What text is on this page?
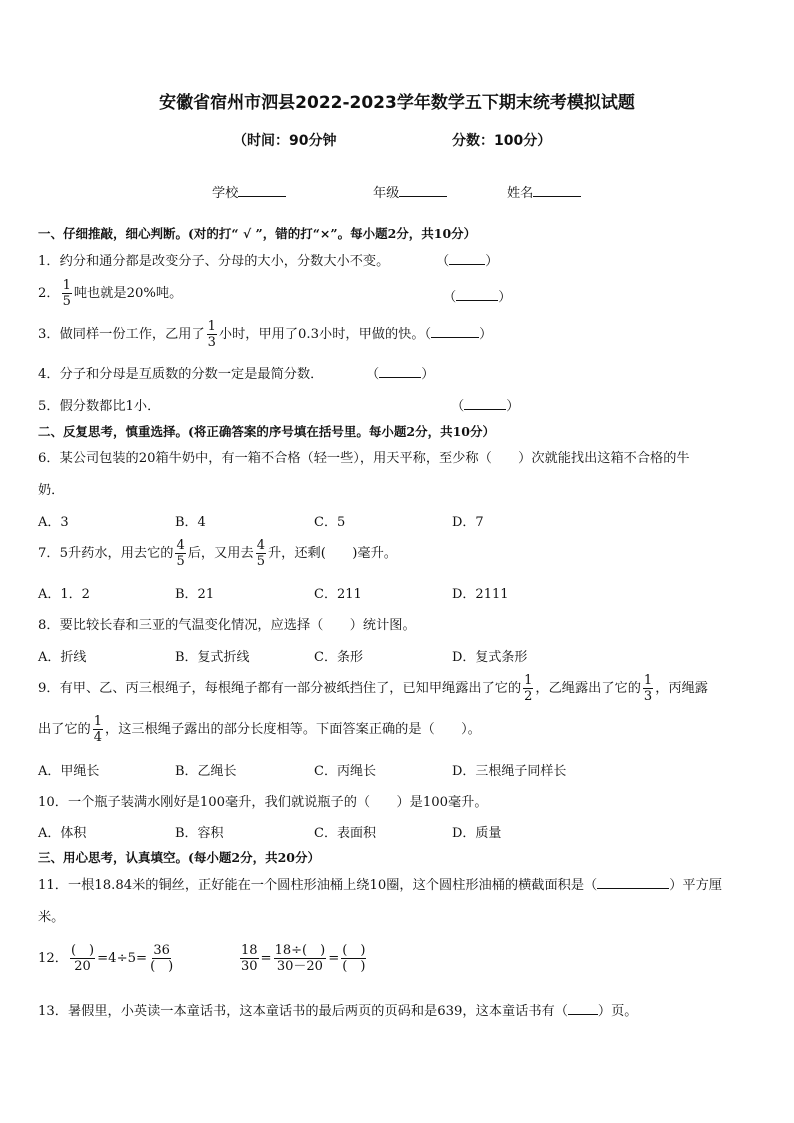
安徽省宿州市泗县2022-2023学年数学五下期末统考模拟试题
（时间：90分钟	分数：100分）
学校	年级	姓名
一、仔细推敲，细心判断。(对的打“ √ ”，错的打“×”。每小题2分，共10分）
1．约分和通分都是改变分子、分母的大小，分数大小不变。	（	）
2． $\frac{1}{5}$ 吨也就是20%吨。	（	）
3．做同样一份工作，乙用了 $\frac{1}{3}$ 小时，甲用了0.3小时，甲做的快。（	）
4．分子和分母是互质数的分数一定是最简分数．	（	）
5．假分数都比1小．	（	）
二、反复思考，慎重选择。(将正确答案的序号填在括号里。每小题2分，共10分）
6．某公司包装的20箱牛奶中，有一箱不合格（轻一些），用天平称，至少称（　　）次就能找出这箱不合格的牛
奶．
A．3	B．4	C．5	D．7
7．5升药水，用去它的 $\frac{4}{5}$ 后，又用去 $\frac{4}{5}$ 升，还剩(　　)毫升。
A．1．2	B．21	C．211	D．2111
8．要比较长春和三亚的气温变化情况，应选择（　　）统计图。
A．折线	B．复式折线	C．条形	D．复式条形
9．有甲、乙、丙三根绳子，每根绳子都有一部分被纸挡住了，已知甲绳露出了它的 $\frac{1}{2}$ ，乙绳露出了它的 $\frac{1}{3}$ ，丙绳露
出了它的 $\frac{1}{4}$ ，这三根绳子露出的部分长度相等。下面答案正确的是（　　）。
A．甲绳长	B．乙绳长	C．丙绳长	D．三根绳子同样长
10．一个瓶子装满水刚好是100毫升，我们就说瓶子的（　　）是100毫升。
A．体积	B．容积	C．表面积	D．质量
三、用心思考，认真填空。(每小题2分，共20分）
11．一根18.84米的铜丝，正好能在一个圆柱形油桶上绕10圈，这个圆柱形油桶的横截面积是（	）平方厘
米。
12． $\frac{( )}{20} =4\div 5= \frac{36}{( )}$	$\frac{18}{30} = \frac{18\div( )}{30-20} = \frac{( )}{( )}$
13．暑假里，小英读一本童话书，这本童话书的最后两页的页码和是639，这本童话书有（ ）页。
